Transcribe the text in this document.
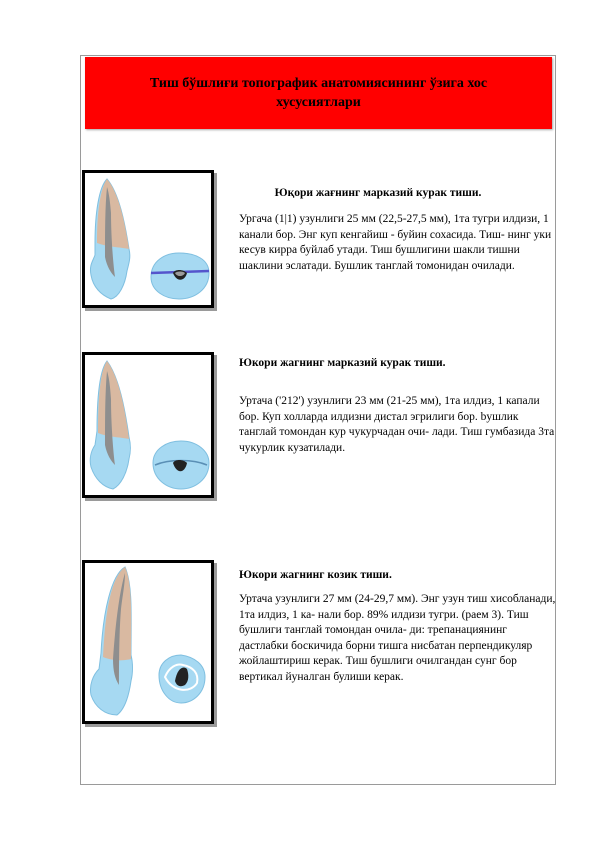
Тиш бўшлиғи топографик анатомиясининг ўзига хос хусусиятлари
Юқори жағнинг марказий курак тиши.

Ургача (1|1) узунлиги 25 мм (22,5-27,5 мм), 1та тугри илдизи, 1 канали бор. Энг куп кенгайиш - буйин сохасида. Тиш- нинг уки кесув кирра буйлаб утади. Тиш бушлигини шакли тишни шаклини эслатади. Бушлик танглай томонидан очилади.

Юкори жагнинг марказий курак тиши.

Уртача ('212') узунлиги 23 мм (21-25 мм), 1та илдиз, 1 капали бор. Куп холларда илдизни дистал эгрилиги бор. bушлик танглай томондан кур чукурчадан очи- лади. Тиш гумбазида 3та чукурлик кузатилади.

Юкори жагнинг козик тиши.

Уртача узунлиги 27 мм (24-29,7 мм). Энг узун тиш хисобланади, 1та илдиз, 1 ка- нали бор. 89% илдизи тугри. (раем 3). Тиш бушлиги танглай томондан очила- ди: трепанациянинг дастлабки боскичида борни тишга нисбатан перпендикуляр жойлаштириш керак. Тиш бушлиги очилгандан сунг бор вертикал йуналган булиши керак.
